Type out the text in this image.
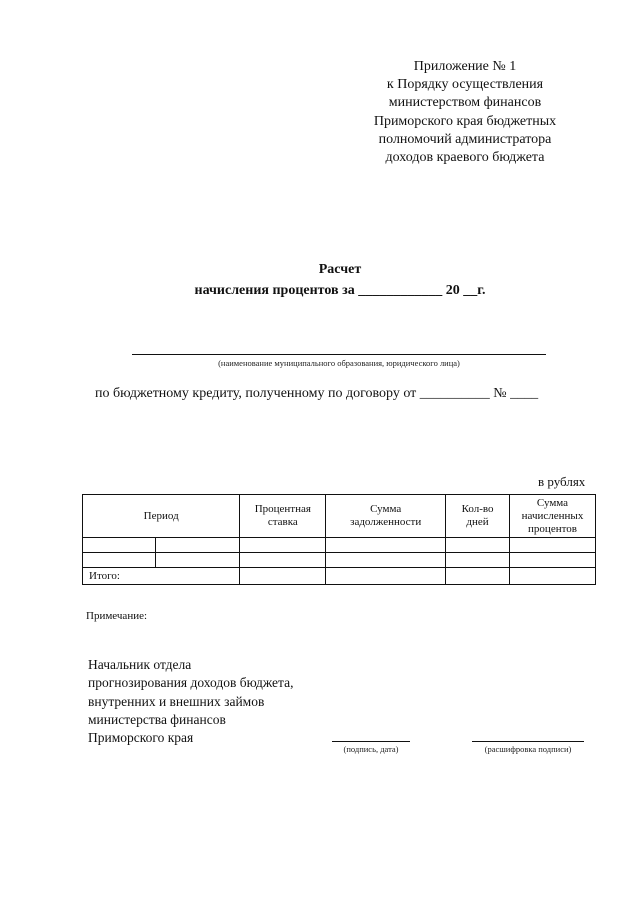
Приложение № 1
к Порядку осуществления
министерством финансов
Приморского края бюджетных
полномочий администратора
доходов краевого бюджета
Расчет
начисления процентов за ____________ 20 __г.
(наименование муниципального образования, юридического лица)
по бюджетному кредиту, полученному по договору от __________ № ____
в рублях
Период		Процентная ставка	Сумма задолженности	Кол-во дней	Сумма начисленных процентов

Итого:					
Примечание:
Начальник отдела
прогнозирования доходов бюджета,
внутренних и внешних займов
министерства финансов
Приморского края
(подпись, дата)	(расшифровка подписи)
